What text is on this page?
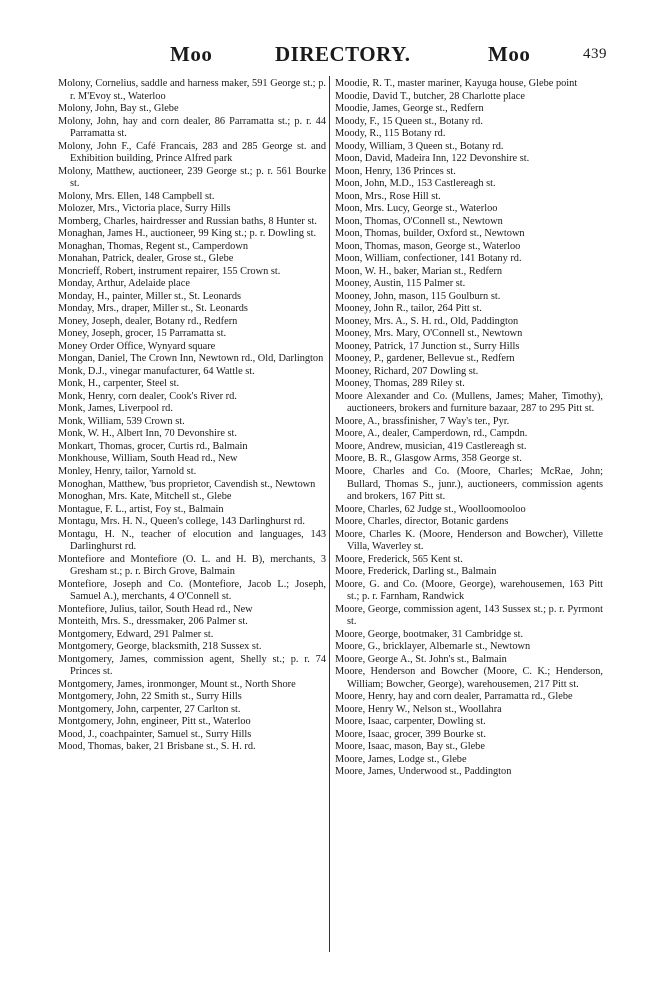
Moo	DIRECTORY.	Moo	439

Molony, Cornelius, saddle and harness maker, 591 George st.; p. r. M'Evoy st., Waterloo

Molony, John, Bay st., Glebe

Molony, John, hay and corn dealer, 86 Parramatta st.; p. r. 44 Parramatta st.

Molony, John F., Café Francais, 283 and 285 George st. and Exhibition building, Prince Alfred park

Molony, Matthew, auctioneer, 239 George st.; p. r. 561 Bourke st.

Molony, Mrs. Ellen, 148 Campbell st.

Molozer, Mrs., Victoria place, Surry Hills

Momberg, Charles, hairdresser and Russian baths, 8 Hunter st.

Monaghan, James H., auctioneer, 99 King st.; p. r. Dowling st.

Monaghan, Thomas, Regent st., Camperdown

Monahan, Patrick, dealer, Grose st., Glebe

Moncrieff, Robert, instrument repairer, 155 Crown st.

Monday, Arthur, Adelaide place

Monday, H., painter, Miller st., St. Leonards

Monday, Mrs., draper, Miller st., St. Leonards

Money, Joseph, dealer, Botany rd., Redfern

Money, Joseph, grocer, 15 Parramatta st.

Money Order Office, Wynyard square

Mongan, Daniel, The Crown Inn, Newtown rd., Old, Darlington

Monk, D.J., vinegar manufacturer, 64 Wattle st.

Monk, H., carpenter, Steel st.

Monk, Henry, corn dealer, Cook's River rd.

Monk, James, Liverpool rd.

Monk, William, 539 Crown st.

Monk, W. H., Albert Inn, 70 Devonshire st.

Monkart, Thomas, grocer, Curtis rd., Balmain

Monkhouse, William, South Head rd., New

Monley, Henry, tailor, Yarnold st.

Monoghan, Matthew, 'bus proprietor, Cavendish st., Newtown

Monoghan, Mrs. Kate, Mitchell st., Glebe

Montague, F. L., artist, Foy st., Balmain

Montagu, Mrs. H. N., Queen's college, 143 Darlinghurst rd.

Montagu, H. N., teacher of elocution and languages, 143 Darlinghurst rd.

Montefiore and Montefiore (O. L. and H. B), merchants, 3 Gresham st.; p. r. Birch Grove, Balmain

Montefiore, Joseph and Co. (Montefiore, Jacob L.; Joseph, Samuel A.), merchants, 4 O'Connell st.

Montefiore, Julius, tailor, South Head rd., New

Monteith, Mrs. S., dressmaker, 206 Palmer st.

Montgomery, Edward, 291 Palmer st.

Montgomery, George, blacksmith, 218 Sussex st.

Montgomery, James, commission agent, Shelly st.; p. r. 74 Princes st.

Montgomery, James, ironmonger, Mount st., North Shore

Montgomery, John, 22 Smith st., Surry Hills

Montgomery, John, carpenter, 27 Carlton st.

Montgomery, John, engineer, Pitt st., Waterloo

Mood, J., coachpainter, Samuel st., Surry Hills

Mood, Thomas, baker, 21 Brisbane st., S. H. rd.

Moodie, R. T., master mariner, Kayuga house, Glebe point

Moodie, David T., butcher, 28 Charlotte place

Moodie, James, George st., Redfern

Moody, F., 15 Queen st., Botany rd.

Moody, R., 115 Botany rd.

Moody, William, 3 Queen st., Botany rd.

Moon, David, Madeira Inn, 122 Devonshire st.

Moon, Henry, 136 Princes st.

Moon, John, M.D., 153 Castlereagh st.

Moon, Mrs., Rose Hill st.

Moon, Mrs. Lucy, George st., Waterloo

Moon, Thomas, O'Connell st., Newtown

Moon, Thomas, builder, Oxford st., Newtown

Moon, Thomas, mason, George st., Waterloo

Moon, William, confectioner, 141 Botany rd.

Moon, W. H., baker, Marian st., Redfern

Mooney, Austin, 115 Palmer st.

Mooney, John, mason, 115 Goulburn st.

Mooney, John R., tailor, 264 Pitt st.

Mooney, Mrs. A., S. H. rd., Old, Paddington

Mooney, Mrs. Mary, O'Connell st., Newtown

Mooney, Patrick, 17 Junction st., Surry Hills

Mooney, P., gardener, Bellevue st., Redfern

Mooney, Richard, 207 Dowling st.

Mooney, Thomas, 289 Riley st.

Moore Alexander and Co. (Mullens, James; Maher, Timothy), auctioneers, brokers and furniture bazaar, 287 to 295 Pitt st.

Moore, A., brassfinisher, 7 Way's ter., Pyr.

Moore, A., dealer, Camperdown, rd., Campdn.

Moore, Andrew, musician, 419 Castlereagh st.

Moore, B. R., Glasgow Arms, 358 George st.

Moore, Charles and Co. (Moore, Charles; McRae, John; Bullard, Thomas S., junr.), auctioneers, commission agents and brokers, 167 Pitt st.

Moore, Charles, 62 Judge st., Woolloomooloo

Moore, Charles, director, Botanic gardens

Moore, Charles K. (Moore, Henderson and Bowcher), Villette Villa, Waverley st.

Moore, Frederick, 565 Kent st.

Moore, Frederick, Darling st., Balmain

Moore, G. and Co. (Moore, George), warehousemen, 163 Pitt st.; p. r. Farnham, Randwick

Moore, George, commission agent, 143 Sussex st.; p. r. Pyrmont st.

Moore, George, bootmaker, 31 Cambridge st.

Moore, G., bricklayer, Albemarle st., Newtown

Moore, George A., St. John's st., Balmain

Moore, Henderson and Bowcher (Moore, C. K.; Henderson, William; Bowcher, George), warehousemen, 217 Pitt st.

Moore, Henry, hay and corn dealer, Parramatta rd., Glebe

Moore, Henry W., Nelson st., Woollahra

Moore, Isaac, carpenter, Dowling st.

Moore, Isaac, grocer, 399 Bourke st.

Moore, Isaac, mason, Bay st., Glebe

Moore, James, Lodge st., Glebe

Moore, James, Underwood st., Paddington
